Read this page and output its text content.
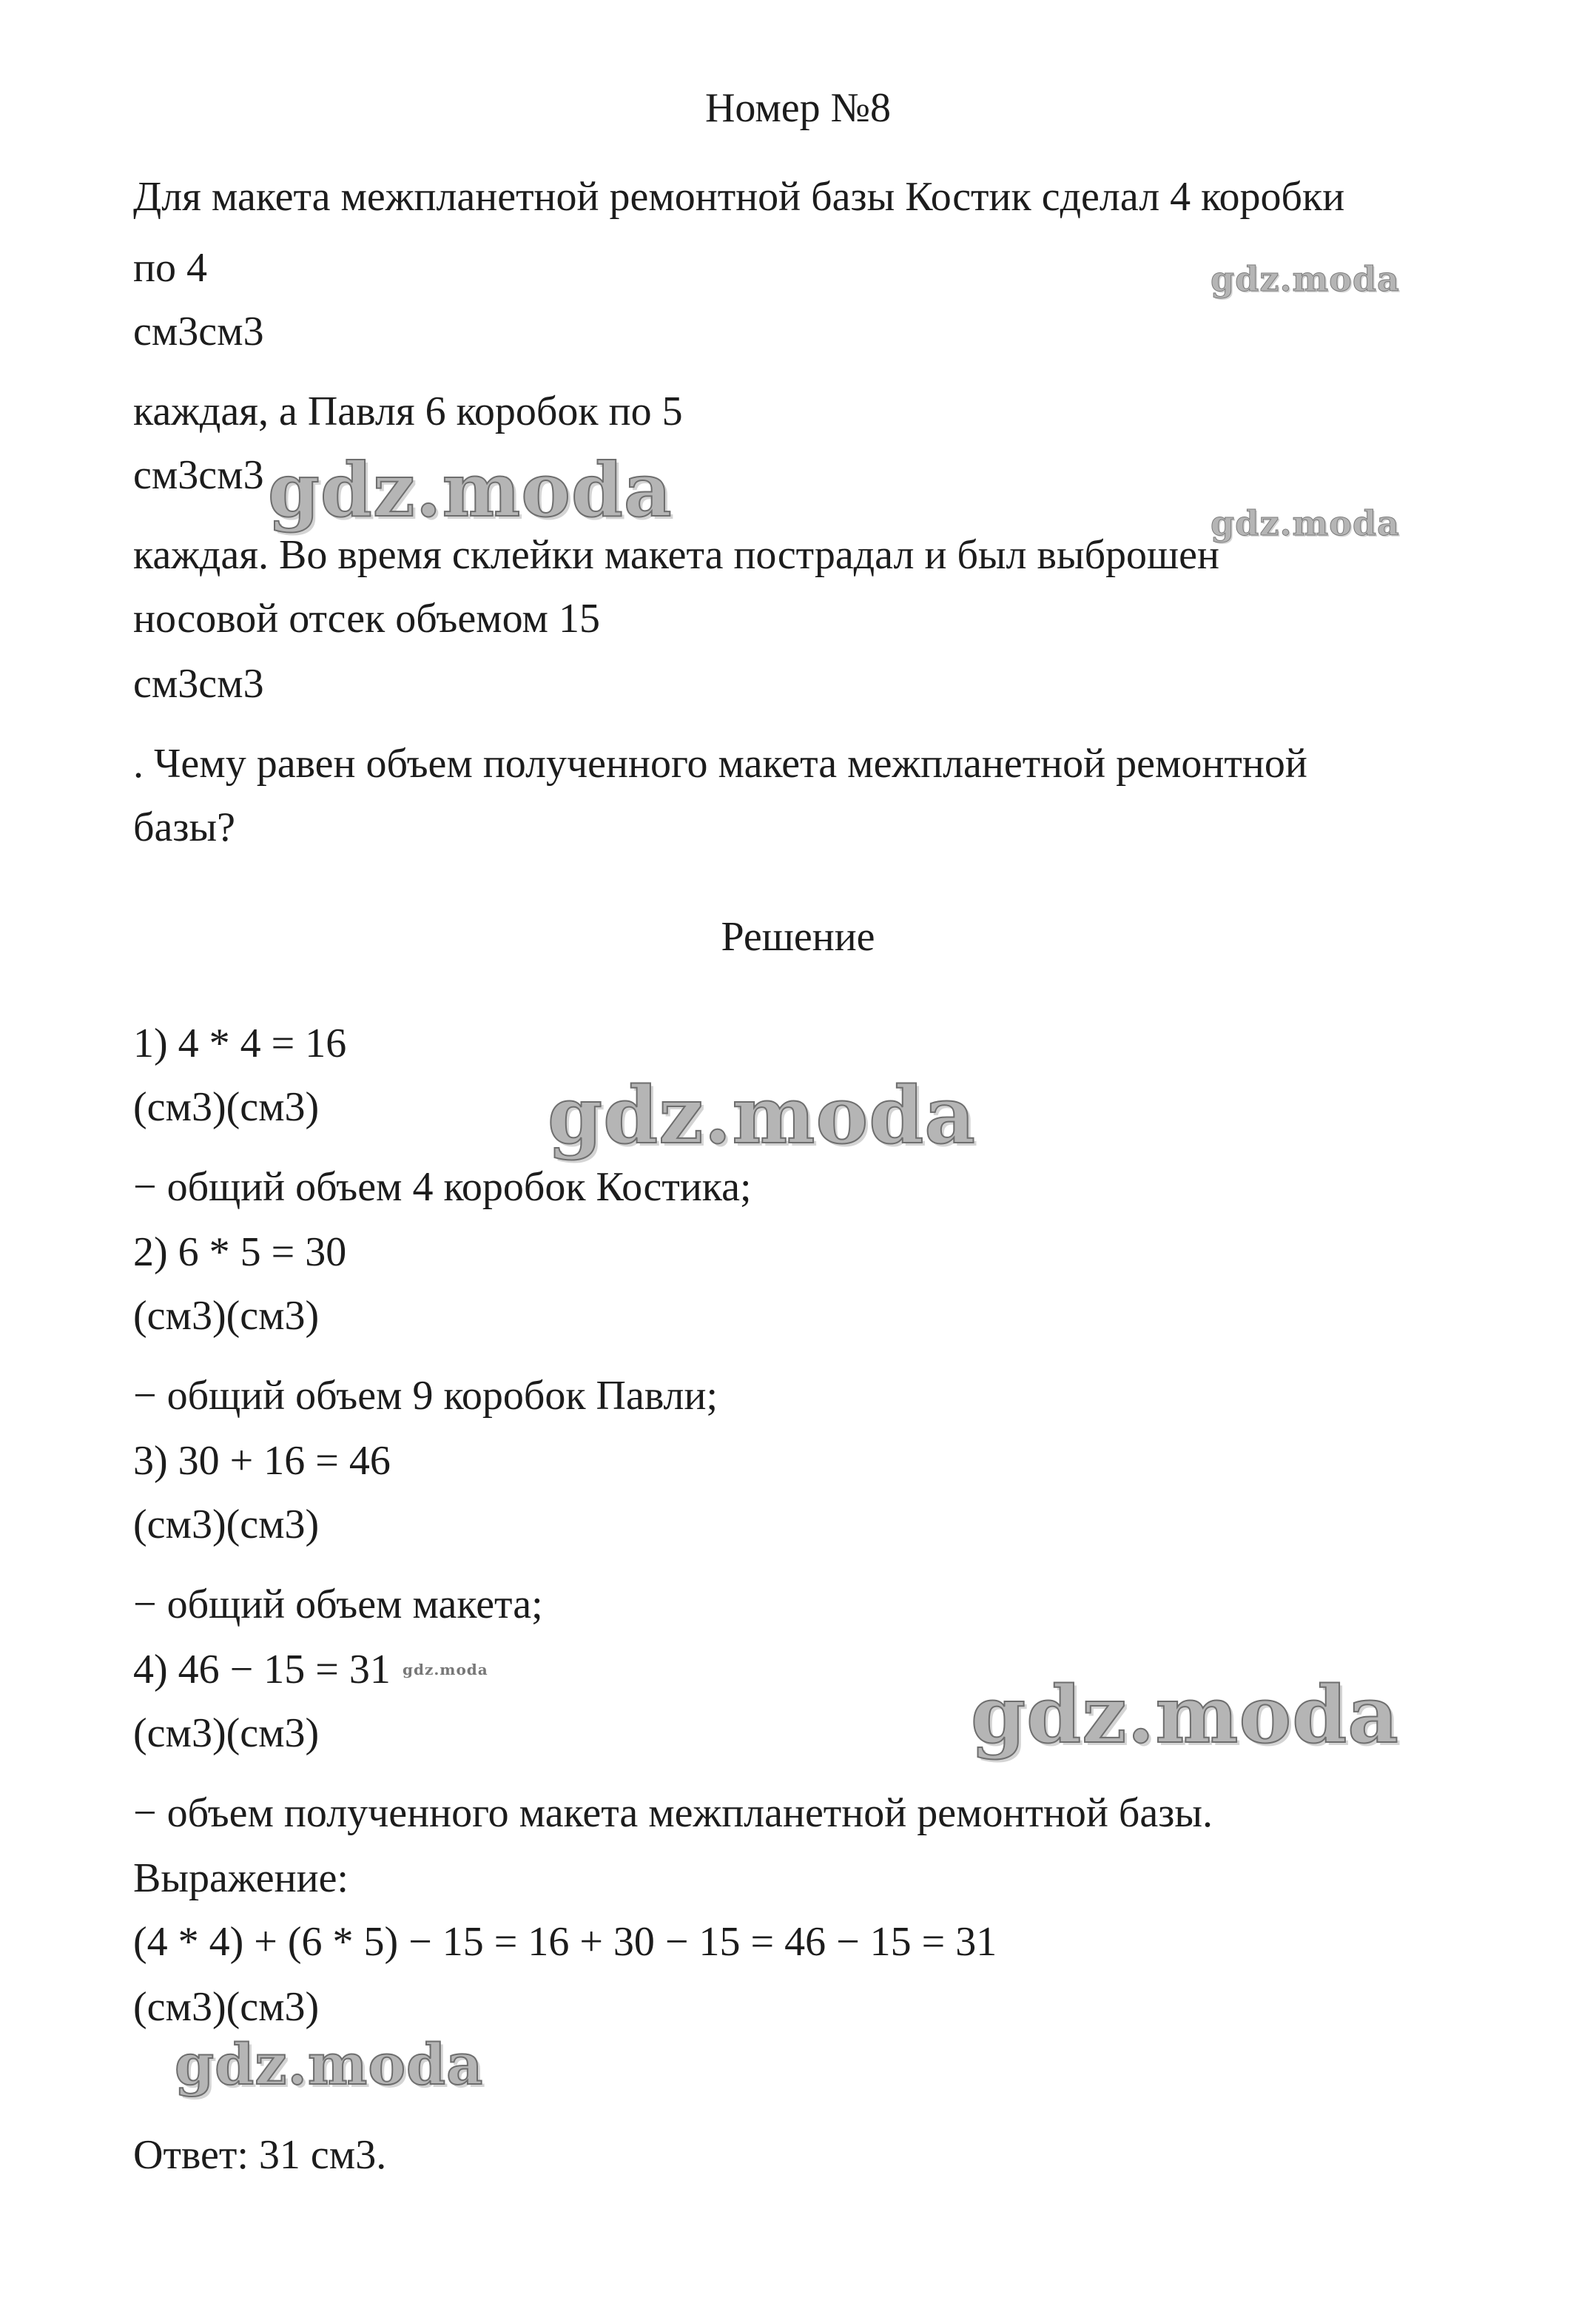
Номер №8
Для макета межпланетной ремонтной базы Костик сделал 4 коробки
по 4
см3см3
каждая, а Павля 6 коробок по 5
см3см3
каждая. Во время склейки макета пострадал и был выброшен
носовой отсек объемом 15
см3см3
. Чему равен объем полученного макета межпланетной ремонтной
базы?
Решение
1) 4 * 4 = 16
(см3)(см3)
− общий объем 4 коробок Костика;
2) 6 * 5 = 30
(см3)(см3)
− общий объем 9 коробок Павли;
3) 30 + 16 = 46
(см3)(см3)
− общий объем макета;
4) 46 − 15 = 31
(см3)(см3)
− объем полученного макета межпланетной ремонтной базы.
Выражение:
(4 * 4) + (6 * 5) − 15 = 16 + 30 − 15 = 46 − 15 = 31
(см3)(см3)
Ответ: 31 см3.
gdz.moda
gdz.moda	gdz.moda
gdz.moda
gdz.moda	gdz.moda
gdz.moda
